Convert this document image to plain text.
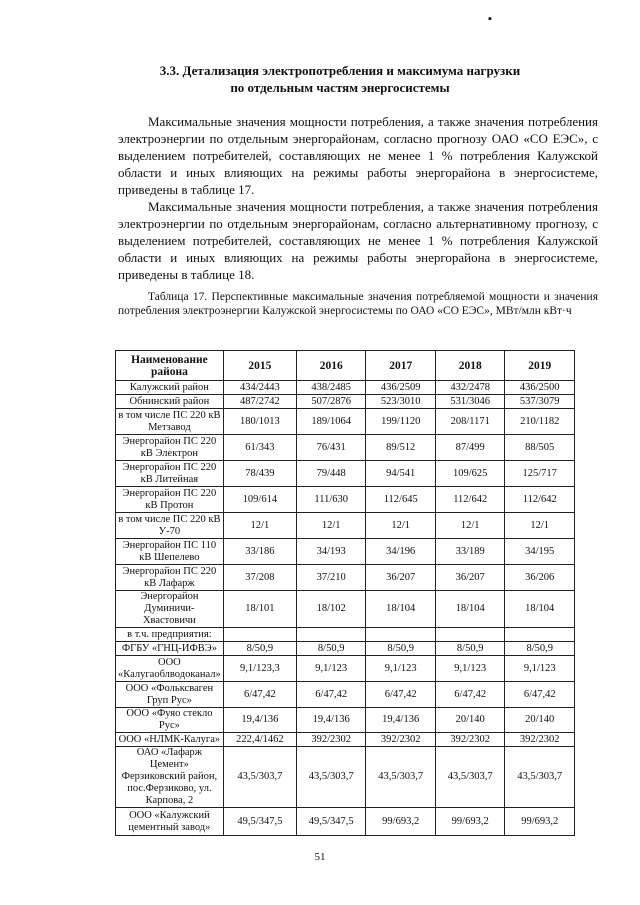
▪
3.3. Детализация электропотребления и максимума нагрузки
по отдельным частям энергосистемы
Максимальные значения мощности потребления, а также значения потребления электроэнергии по отдельным энергорайонам, согласно прогнозу ОАО «СО ЕЭС», с выделением потребителей, составляющих не менее 1 % потребления Калужской области и иных влияющих на режимы работы энергорайона в энергосистеме, приведены в таблице 17.
Максимальные значения мощности потребления, а также значения потребления электроэнергии по отдельным энергорайонам, согласно альтернативному прогнозу, с выделением потребителей, составляющих не менее 1 % потребления Калужской области и иных влияющих на режимы работы энергорайона в энергосистеме, приведены в таблице 18.
Таблица 17. Перспективные максимальные значения потребляемой мощности и значения потребления электроэнергии Калужской энергосистемы по ОАО «СО ЕЭС», МВт/млн кВт·ч
Наименование района	2015	2016	2017	2018	2019
Калужский район	434/2443	438/2485	436/2509	432/2478	436/2500
Обнинский район	487/2742	507/2876	523/3010	531/3046	537/3079
в том числе ПС 220 кВ Метзавод	180/1013	189/1064	199/1120	208/1171	210/1182
Энергорайон ПС 220 кВ Электрон	61/343	76/431	89/512	87/499	88/505
Энергорайон ПС 220 кВ Литейная	78/439	79/448	94/541	109/625	125/717
Энергорайон ПС 220 кВ Протон	109/614	111/630	112/645	112/642	112/642
в том числе ПС 220 кВ У-70	12/1	12/1	12/1	12/1	12/1
Энергорайон ПС 110 кВ Шепелево	33/186	34/193	34/196	33/189	34/195
Энергорайон ПС 220 кВ Лафарж	37/208	37/210	36/207	36/207	36/206
Энергорайон Думиничи-Хвастовичи	18/101	18/102	18/104	18/104	18/104
в т.ч. предприятия:					
ФГБУ «ГНЦ-ИФВЭ»	8/50,9	8/50,9	8/50,9	8/50,9	8/50,9
ООО «Калугаоблводоканал»	9,1/123,3	9,1/123	9,1/123	9,1/123	9,1/123
ООО «Фольксваген Груп Рус»	6/47,42	6/47,42	6/47,42	6/47,42	6/47,42
ООО «Фуяо стекло Рус»	19,4/136	19,4/136	19,4/136	20/140	20/140
ООО «НЛМК-Калуга»	222,4/1462	392/2302	392/2302	392/2302	392/2302
ОАО «Лафарж Цемент» Ферзиковский район, пос.Ферзиково, ул. Карпова, 2	43,5/303,7	43,5/303,7	43,5/303,7	43,5/303,7	43,5/303,7
ООО «Калужский цементный завод»	49,5/347,5	49,5/347,5	99/693,2	99/693,2	99/693,2
51
